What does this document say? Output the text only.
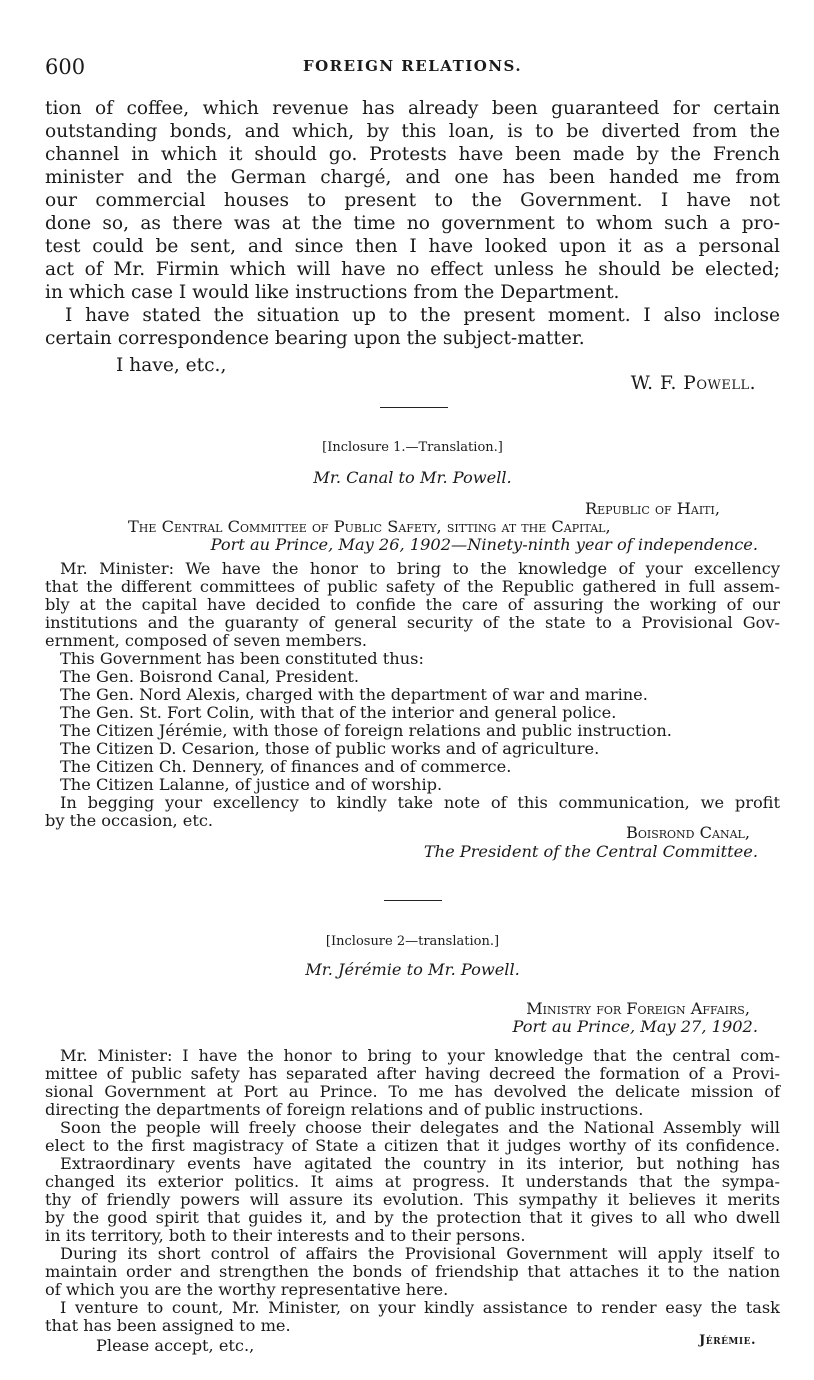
600	FOREIGN RELATIONS.
tion of coffee, which revenue has already been guaranteed for certain
outstanding bonds, and which, by this loan, is to be diverted from the
channel in which it should go. Protests have been made by the French
minister and the German chargé, and one has been handed me from
our commercial houses to present to the Government. I have not
done so, as there was at the time no government to whom such a pro-
test could be sent, and since then I have looked upon it as a personal
act of Mr. Firmin which will have no effect unless he should be elected;
in which case I would like instructions from the Department.
I have stated the situation up to the present moment. I also inclose
certain correspondence bearing upon the subject-matter.
I have, etc.,
W. F. Powell.
[Inclosure 1.—Translation.]
Mr. Canal to Mr. Powell.
Republic of Haiti,
The Central Committee of Public Safety, sitting at the Capital,
Port au Prince, May 26, 1902—Ninety-ninth year of independence.
Mr. Minister: We have the honor to bring to the knowledge of your excellency
that the different committees of public safety of the Republic gathered in full assem-
bly at the capital have decided to confide the care of assuring the working of our
institutions and the guaranty of general security of the state to a Provisional Gov-
ernment, composed of seven members.
This Government has been constituted thus:
The Gen. Boisrond Canal, President.
The Gen. Nord Alexis, charged with the department of war and marine.
The Gen. St. Fort Colin, with that of the interior and general police.
The Citizen Jérémie, with those of foreign relations and public instruction.
The Citizen D. Cesarion, those of public works and of agriculture.
The Citizen Ch. Dennery, of finances and of commerce.
The Citizen Lalanne, of justice and of worship.
In begging your excellency to kindly take note of this communication, we profit
by the occasion, etc.
Boisrond Canal,
The President of the Central Committee.
[Inclosure 2—translation.]
Mr. Jérémie to Mr. Powell.
Ministry for Foreign Affairs,
Port au Prince, May 27, 1902.
Mr. Minister: I have the honor to bring to your knowledge that the central com-
mittee of public safety has separated after having decreed the formation of a Provi-
sional Government at Port au Prince. To me has devolved the delicate mission of
directing the departments of foreign relations and of public instructions.
Soon the people will freely choose their delegates and the National Assembly will
elect to the first magistracy of State a citizen that it judges worthy of its confidence.
Extraordinary events have agitated the country in its interior, but nothing has
changed its exterior politics. It aims at progress. It understands that the sympa-
thy of friendly powers will assure its evolution. This sympathy it believes it merits
by the good spirit that guides it, and by the protection that it gives to all who dwell
in its territory, both to their interests and to their persons.
During its short control of affairs the Provisional Government will apply itself to
maintain order and strengthen the bonds of friendship that attaches it to the nation
of which you are the worthy representative here.
I venture to count, Mr. Minister, on your kindly assistance to render easy the task
that has been assigned to me.
Please accept, etc.,	Jérémie.
